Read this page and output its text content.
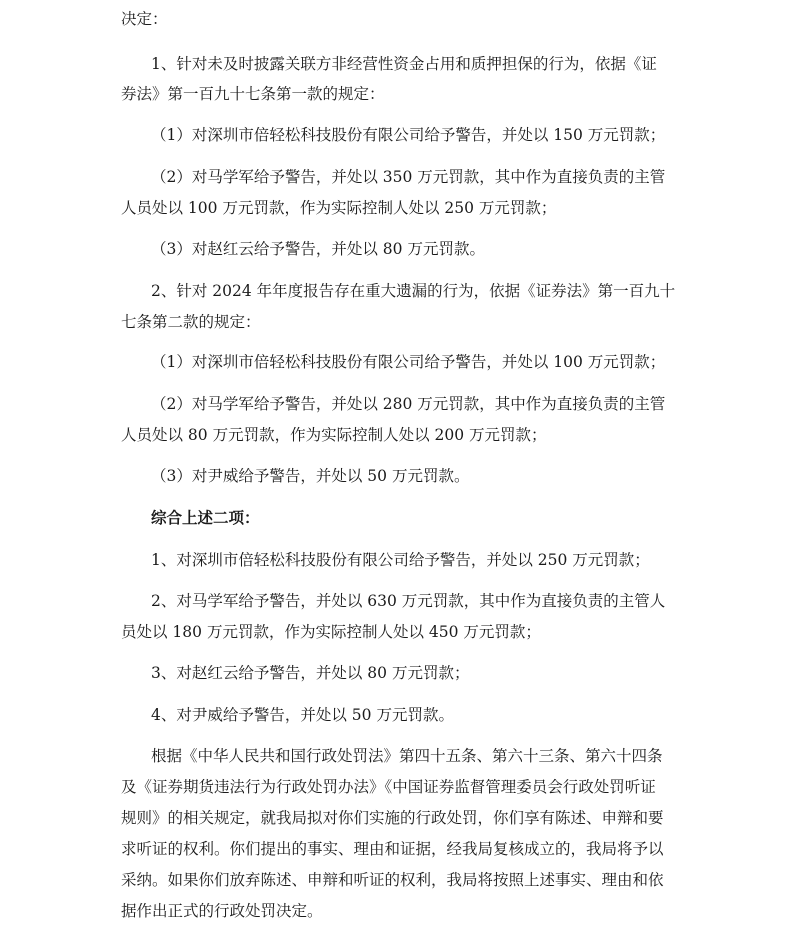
决定：
1、针对未及时披露关联方非经营性资金占用和质押担保的行为，依据《证
券法》第一百九十七条第一款的规定：
（1）对深圳市倍轻松科技股份有限公司给予警告，并处以 150 万元罚款；
（2）对马学军给予警告，并处以 350 万元罚款，其中作为直接负责的主管
人员处以 100 万元罚款，作为实际控制人处以 250 万元罚款；
（3）对赵红云给予警告，并处以 80 万元罚款。
2、针对 2024 年年度报告存在重大遗漏的行为，依据《证券法》第一百九十
七条第二款的规定：
（1）对深圳市倍轻松科技股份有限公司给予警告，并处以 100 万元罚款；
（2）对马学军给予警告，并处以 280 万元罚款，其中作为直接负责的主管
人员处以 80 万元罚款，作为实际控制人处以 200 万元罚款；
（3）对尹威给予警告，并处以 50 万元罚款。
综合上述二项：
1、对深圳市倍轻松科技股份有限公司给予警告，并处以 250 万元罚款；
2、对马学军给予警告，并处以 630 万元罚款，其中作为直接负责的主管人
员处以 180 万元罚款，作为实际控制人处以 450 万元罚款；
3、对赵红云给予警告，并处以 80 万元罚款；
4、对尹威给予警告，并处以 50 万元罚款。
根据《中华人民共和国行政处罚法》第四十五条、第六十三条、第六十四条
及《证券期货违法行为行政处罚办法》《中国证券监督管理委员会行政处罚听证
规则》的相关规定，就我局拟对你们实施的行政处罚，你们享有陈述、申辩和要
求听证的权利。你们提出的事实、理由和证据，经我局复核成立的，我局将予以
采纳。如果你们放弃陈述、申辩和听证的权利，我局将按照上述事实、理由和依
据作出正式的行政处罚决定。
